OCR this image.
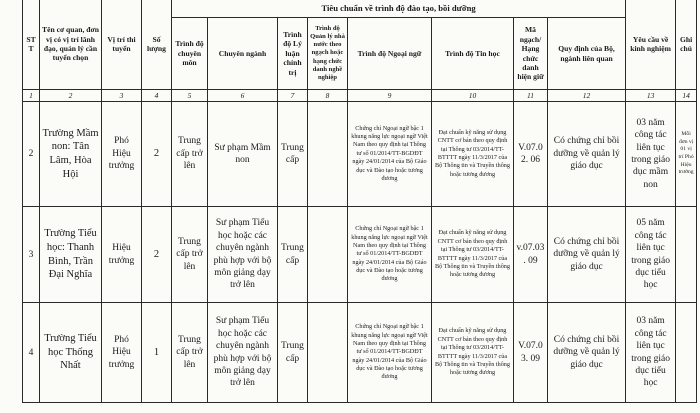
ST T	Tên cơ quan, đơn vị có vị trí lãnh đạo, quản lý cần tuyển chọn	Vị trí thi tuyển	Số lượng	Tiêu chuẩn về trình độ đào tạo, bồi dưỡng								Yêu cầu về kinh nghiệm	Ghi chú
				Trình độ chuyên môn	Chuyên ngành	Trình độ Lý luận chính trị	Trình độ Quản lý nhà nước theo ngạch hoặc hạng chức danh nghề nghiệp	Trình độ Ngoại ngữ	Trình độ Tin học	Mã ngạch/ Hạng chức danh hiện giữ	Quy định của Bộ, ngành liên quan		
1	2	3	4	5	6	7	8	9	10	11	12	13	14
2	Trường Mầm non: Tân Lâm, Hòa Hội	Phó Hiệu trưởng	2	Trung cấp trở lên	Sư phạm Mầm non	Trung cấp		Chứng chỉ Ngoại ngữ bậc 1 khung năng lực ngoại ngữ Việt Nam theo quy định tại Thông tư số 01/2014/TT-BGDĐT ngày 24/01/2014 của Bộ Giáo dục và Đào tạo hoặc tương đương	Đạt chuẩn kỹ năng sử dụng CNTT cơ bản theo quy định tại Thông tư 03/2014/TT-BTTTT ngày 11/3/2017 của Bộ Thông tin và Truyền thông hoặc tương đương	V.07.02. 06	Có chứng chỉ bồi dưỡng về quản lý giáo dục	03 năm công tác liên tục trong giáo dục mầm non	Mỗi đơn vị 01 vị trí Phó Hiệu trưởng
3	Trường Tiểu học: Thanh Bình, Trần Đại Nghĩa	Hiệu trưởng	2	Trung cấp trở lên	Sư phạm Tiểu học hoặc các chuyên ngành phù hợp với bộ môn giảng dạy trở lên	Trung cấp		Chứng chỉ Ngoại ngữ bậc 1 khung năng lực ngoại ngữ Việt Nam theo quy định tại Thông tư số 01/2014/TT-BGDĐT ngày 24/01/2014 của Bộ Giáo dục và Đào tạo hoặc tương đương	Đạt chuẩn kỹ năng sử dụng CNTT cơ bản theo quy định tại Thông tư 03/2014/TT-BTTTT ngày 11/3/2017 của Bộ Thông tin và Truyền thông hoặc tương đương	v.07.03. 09	Có chứng chỉ bồi dưỡng về quản lý giáo dục	05 năm công tác liên tục trong giáo dục tiểu học	
4	Trường Tiểu học Thống Nhất	Phó Hiệu trưởng	1	Trung cấp trở lên	Sư phạm Tiểu học hoặc các chuyên ngành phù hợp với bộ môn giảng dạy trở lên	Trung cấp		Chứng chỉ Ngoại ngữ bậc 1 khung năng lực ngoại ngữ Việt Nam theo quy định tại Thông tư số 01/2014/TT-BGDĐT ngày 24/01/2014 của Bộ Giáo dục và Đào tạo hoặc tương đương	Đạt chuẩn kỹ năng sử dụng CNTT cơ bản theo quy định tại Thông tư 03/2014/TT-BTTTT ngày 11/3/2017 của Bộ Thông tin và Truyền thông hoặc tương đương	V.07.03. 09	Có chứng chỉ bồi dưỡng về quản lý giáo dục	03 năm công tác liên tục trong giáo dục tiểu học	
